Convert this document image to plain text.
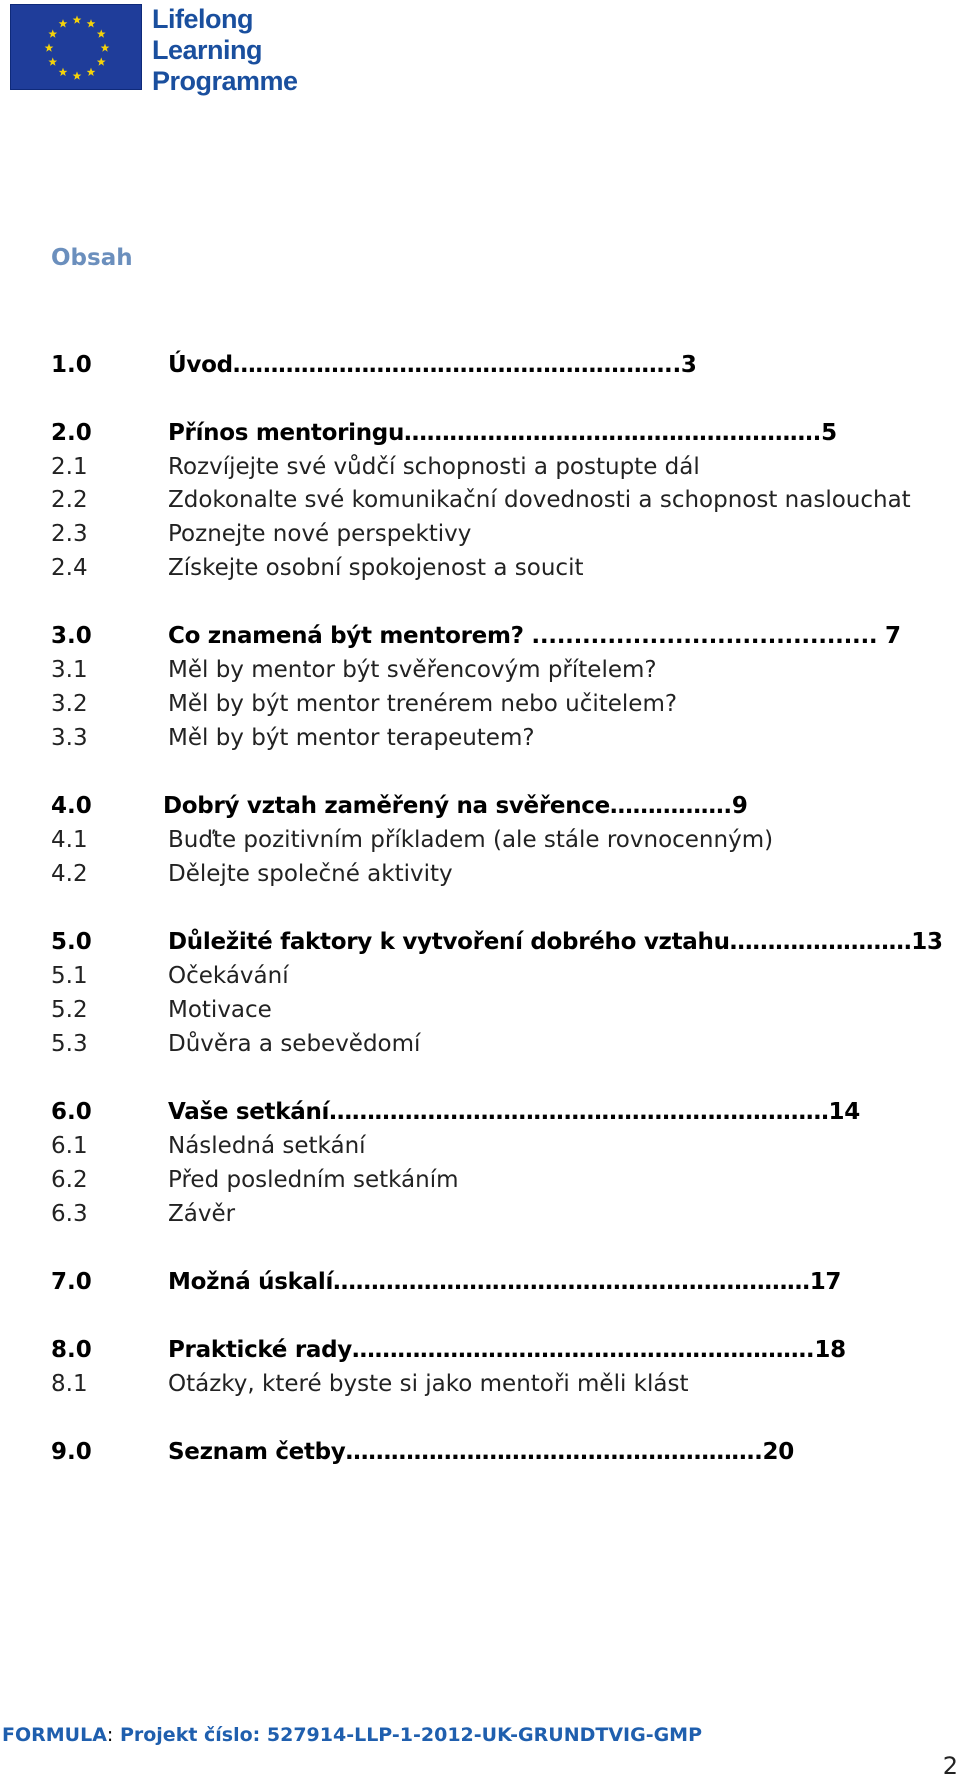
Lifelong
Learning
Programme
Obsah
1.0	Úvod…………………………………………………..3
2.0	Přínos mentoringu……………………………………………….5
2.1	Rozvíjejte své vůdčí schopnosti a postupte dál
2.2	Zdokonalte své komunikační dovednosti a schopnost naslouchat
2.3	Poznejte nové perspektivy
2.4	Získejte osobní spokojenost a soucit
3.0	Co znamená být mentorem? ......................................... 7
3.1	Měl by mentor být svěřencovým přítelem?
3.2	Měl by být mentor trenérem nebo učitelem?
3.3	Měl by být mentor terapeutem?
4.0	Dobrý vztah zaměřený na svěřence…………….9
4.1	Buďte pozitivním příkladem (ale stále rovnocenným)
4.2	Dělejte společné aktivity
5.0	Důležité faktory k vytvoření dobrého vztahu……………………13
5.1	Očekávání
5.2	Motivace
5.3	Důvěra a sebevědomí
6.0	Vaše setkání…………………………………………………………14
6.1	Následná setkání
6.2	Před posledním setkáním
6.3	Závěr
7.0	Možná úskalí………………………………………………………17
8.0	Praktické rady…………………………………………………….18
8.1	Otázky, které byste si jako mentoři měli klást
9.0	Seznam četby……………………………………………….20
FORMULA: Projekt číslo: 527914-LLP-1-2012-UK-GRUNDTVIG-GMP
2
